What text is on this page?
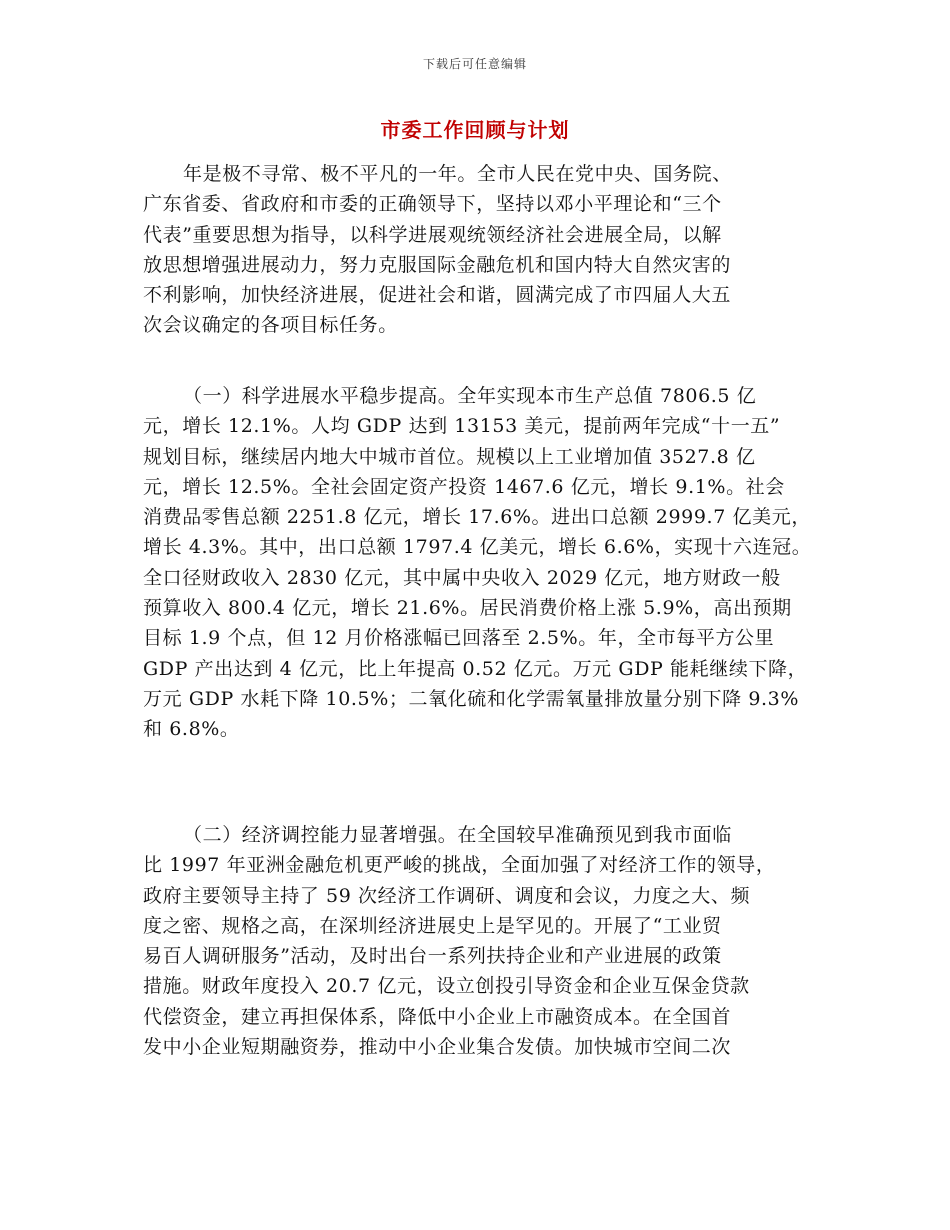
下载后可任意编辑
市委工作回顾与计划
年是极不寻常、极不平凡的一年。全市人民在党中央、国务院、
广东省委、省政府和市委的正确领导下，坚持以邓小平理论和“三个
代表”重要思想为指导，以科学进展观统领经济社会进展全局，以解
放思想增强进展动力，努力克服国际金融危机和国内特大自然灾害的
不利影响，加快经济进展，促进社会和谐，圆满完成了市四届人大五
次会议确定的各项目标任务。
（一）科学进展水平稳步提高。全年实现本市生产总值 7806.5 亿
元，增长 12.1%。人均 GDP 达到 13153 美元，提前两年完成“十一五”
规划目标，继续居内地大中城市首位。规模以上工业增加值 3527.8 亿
元，增长 12.5%。全社会固定资产投资 1467.6 亿元，增长 9.1%。社会
消费品零售总额 2251.8 亿元，增长 17.6%。进出口总额 2999.7 亿美元，
增长 4.3%。其中，出口总额 1797.4 亿美元，增长 6.6%，实现十六连冠。
全口径财政收入 2830 亿元，其中属中央收入 2029 亿元，地方财政一般
预算收入 800.4 亿元，增长 21.6%。居民消费价格上涨 5.9%，高出预期
目标 1.9 个点，但 12 月价格涨幅已回落至 2.5%。年，全市每平方公里
GDP 产出达到 4 亿元，比上年提高 0.52 亿元。万元 GDP 能耗继续下降，
万元 GDP 水耗下降 10.5%；二氧化硫和化学需氧量排放量分别下降 9.3%
和 6.8%。
（二）经济调控能力显著增强。在全国较早准确预见到我市面临
比 1997 年亚洲金融危机更严峻的挑战，全面加强了对经济工作的领导，
政府主要领导主持了 59 次经济工作调研、调度和会议，力度之大、频
度之密、规格之高，在深圳经济进展史上是罕见的。开展了“工业贸
易百人调研服务”活动，及时出台一系列扶持企业和产业进展的政策
措施。财政年度投入 20.7 亿元，设立创投引导资金和企业互保金贷款
代偿资金，建立再担保体系，降低中小企业上市融资成本。在全国首
发中小企业短期融资券，推动中小企业集合发债。加快城市空间二次
